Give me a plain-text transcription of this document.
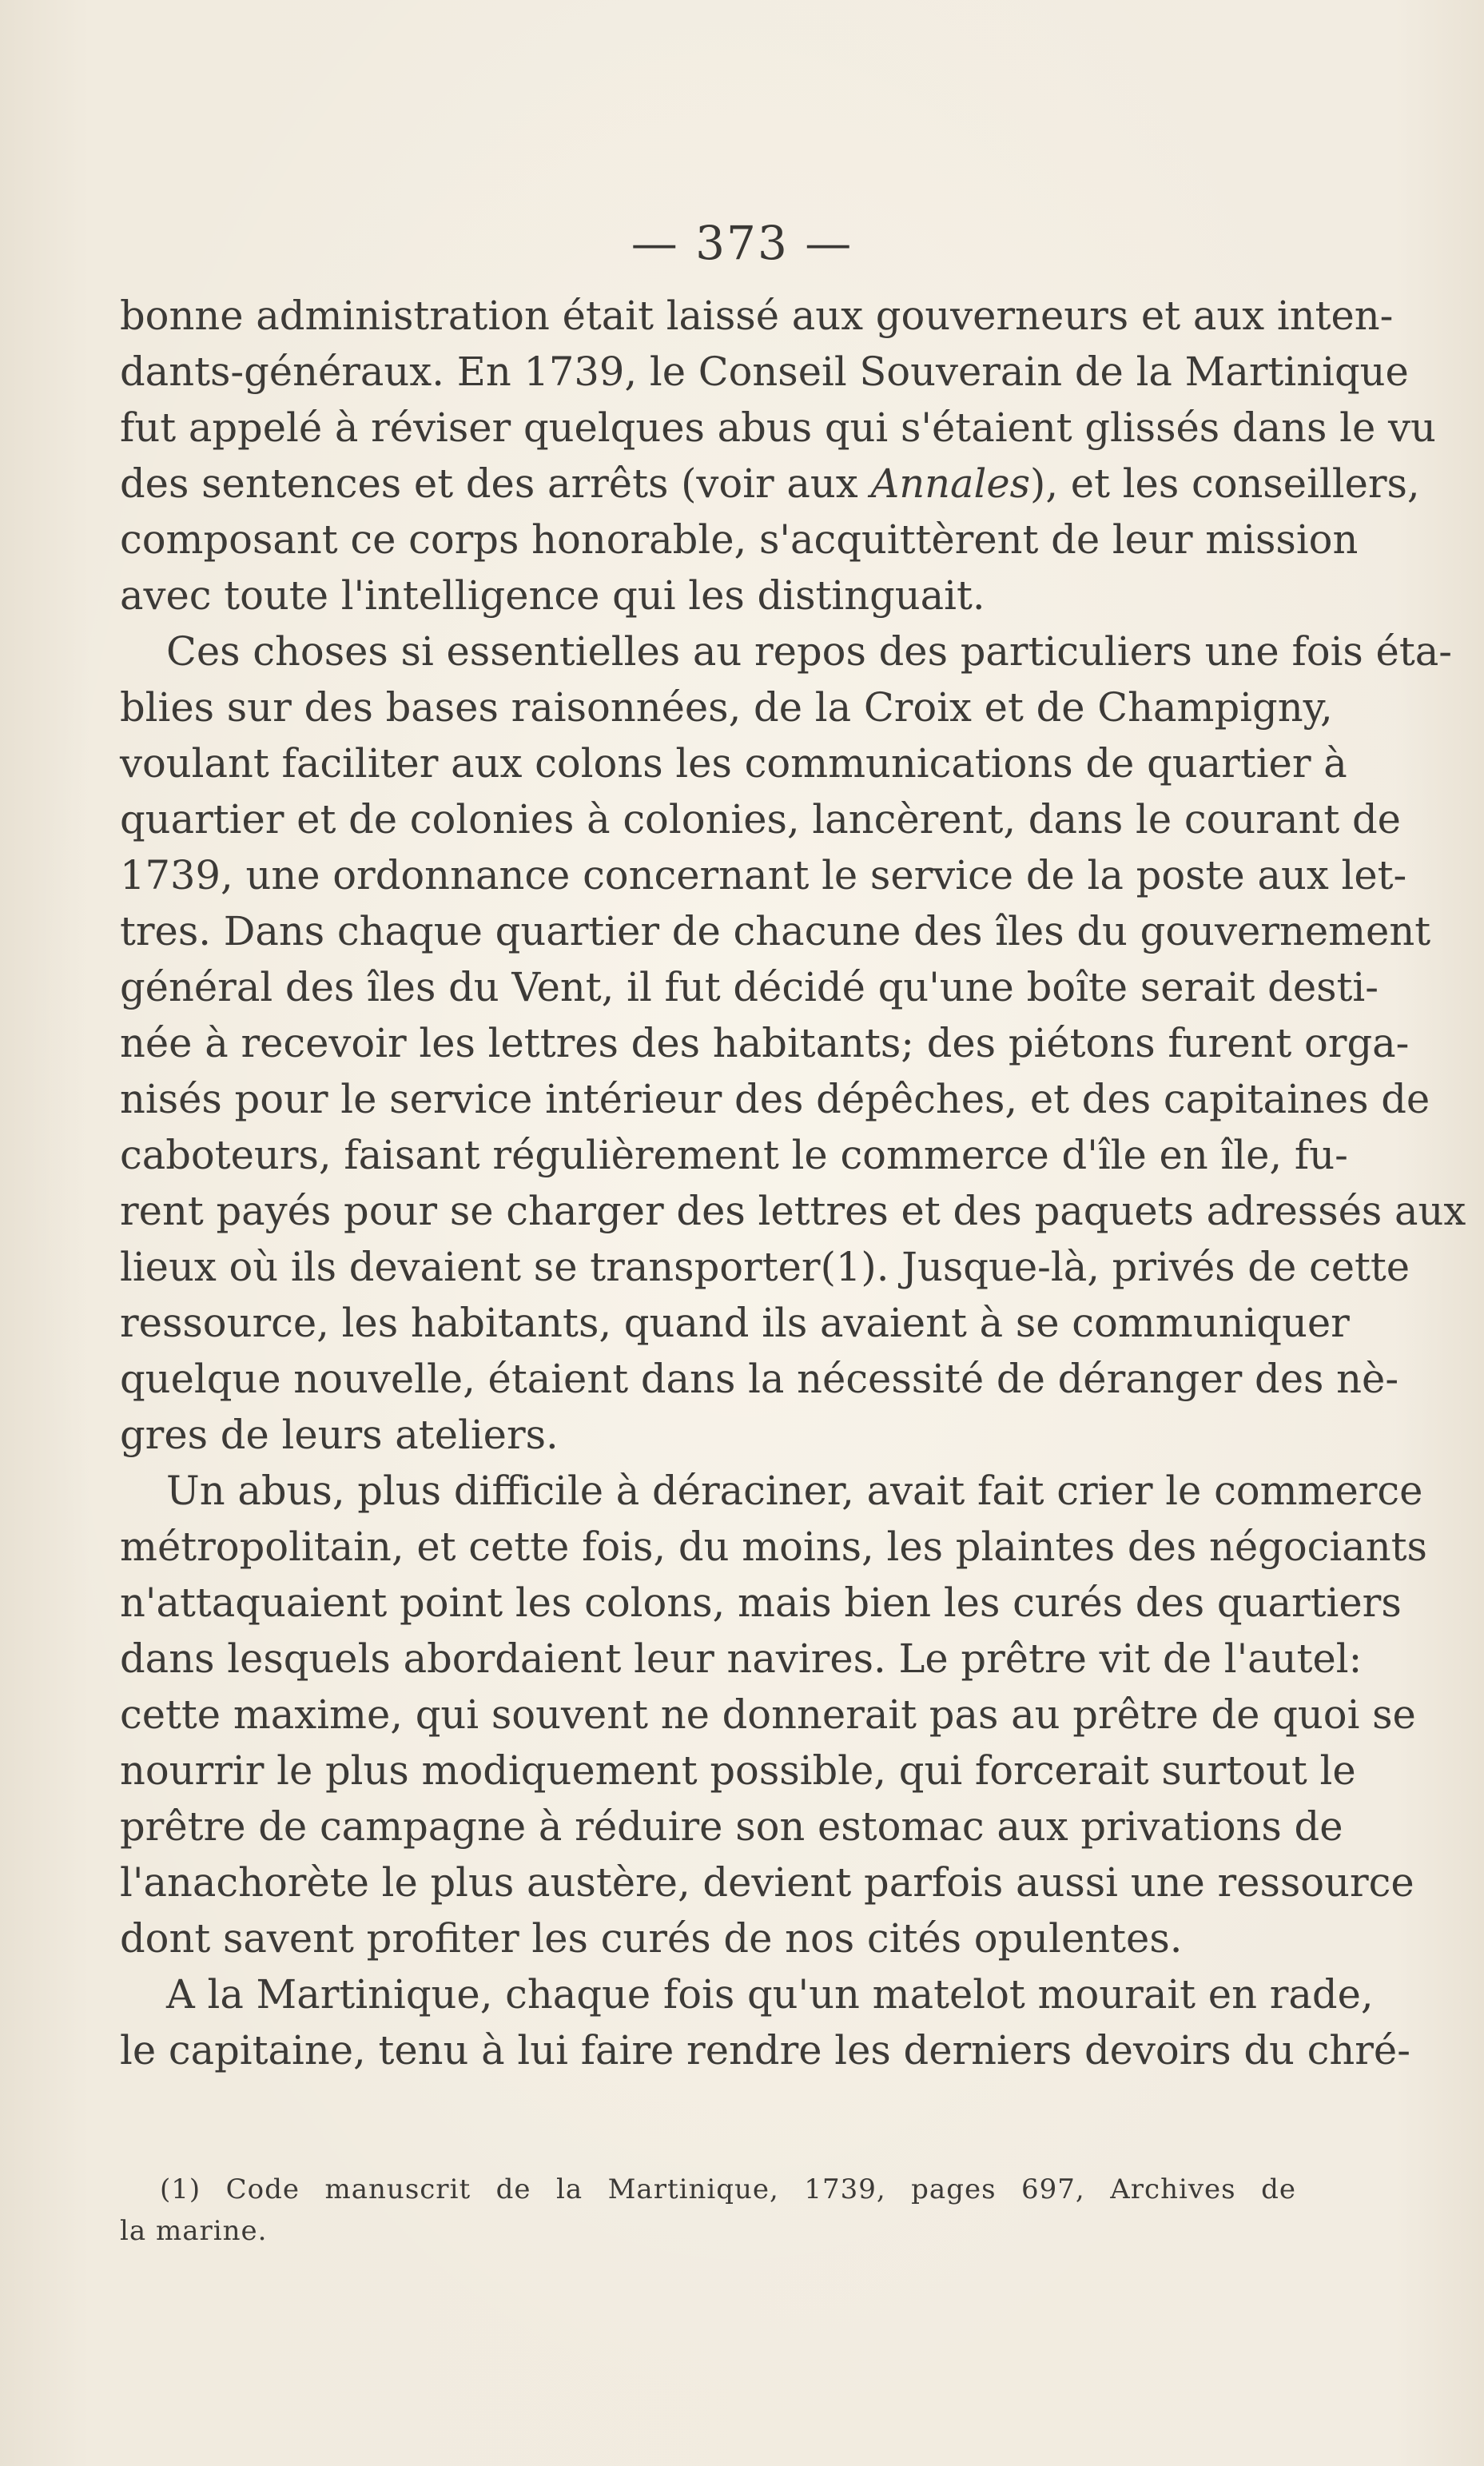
— 373 —
bonne administration était laissé aux gouverneurs et aux inten-
dants-généraux. En 1739, le Conseil Souverain de la Martinique
fut appelé à réviser quelques abus qui s'étaient glissés dans le vu
des sentences et des arrêts (voir aux Annales), et les conseillers,
composant ce corps honorable, s'acquittèrent de leur mission
avec toute l'intelligence qui les distinguait.
Ces choses si essentielles au repos des particuliers une fois éta-
blies sur des bases raisonnées, de la Croix et de Champigny,
voulant faciliter aux colons les communications de quartier à
quartier et de colonies à colonies, lancèrent, dans le courant de
1739, une ordonnance concernant le service de la poste aux let-
tres. Dans chaque quartier de chacune des îles du gouvernement
général des îles du Vent, il fut décidé qu'une boîte serait desti-
née à recevoir les lettres des habitants; des piétons furent orga-
nisés pour le service intérieur des dépêches, et des capitaines de
caboteurs, faisant régulièrement le commerce d'île en île, fu-
rent payés pour se charger des lettres et des paquets adressés aux
lieux où ils devaient se transporter(1). Jusque-là, privés de cette
ressource, les habitants, quand ils avaient à se communiquer
quelque nouvelle, étaient dans la nécessité de déranger des nè-
gres de leurs ateliers.
Un abus, plus difficile à déraciner, avait fait crier le commerce
métropolitain, et cette fois, du moins, les plaintes des négociants
n'attaquaient point les colons, mais bien les curés des quartiers
dans lesquels abordaient leur navires. Le prêtre vit de l'autel:
cette maxime, qui souvent ne donnerait pas au prêtre de quoi se
nourrir le plus modiquement possible, qui forcerait surtout le
prêtre de campagne à réduire son estomac aux privations de
l'anachorète le plus austère, devient parfois aussi une ressource
dont savent profiter les curés de nos cités opulentes.
A la Martinique, chaque fois qu'un matelot mourait en rade,
le capitaine, tenu à lui faire rendre les derniers devoirs du chré-
(1) Code manuscrit de la Martinique, 1739, pages 697, Archives de
la marine.
